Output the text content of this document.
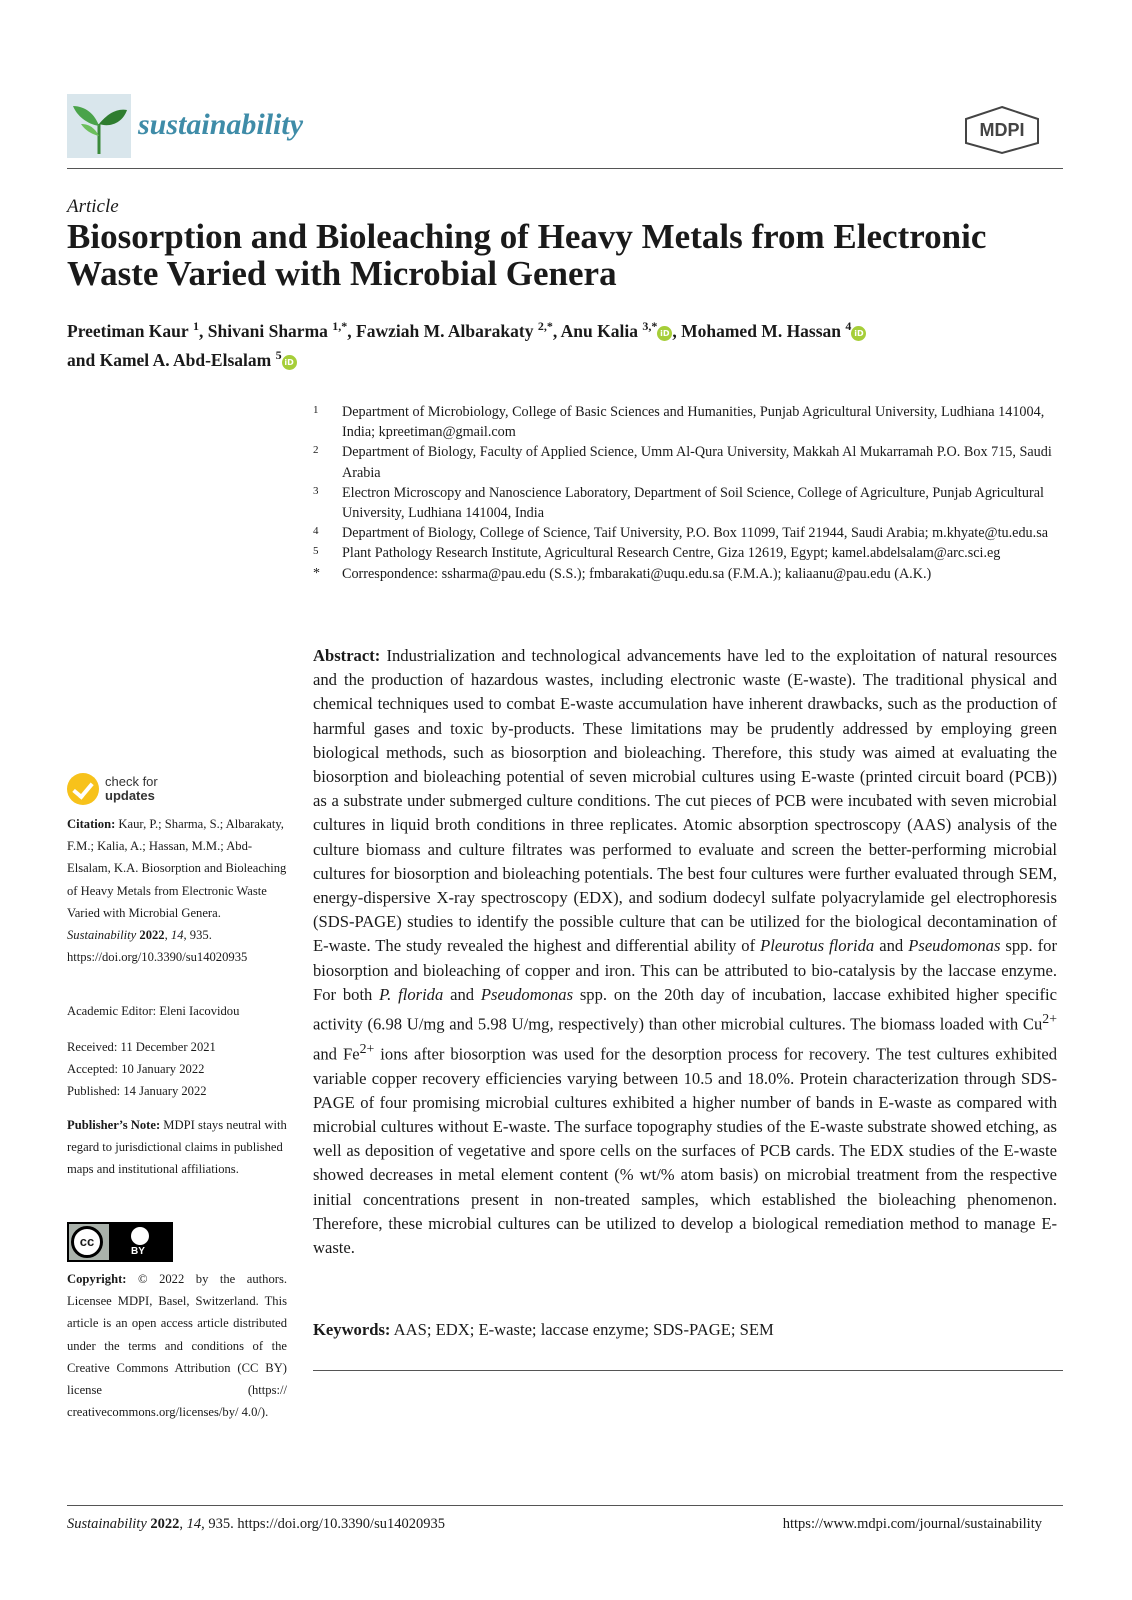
sustainability	MDPI
Article
Biosorption and Bioleaching of Heavy Metals from Electronic Waste Varied with Microbial Genera
Preetiman Kaur $^1$, Shivani Sharma $^{1,*}$, Fawziah M. Albarakaty $^{2,*}$, Anu Kalia $^{3,*}$iD , Mohamed M. Hassan $^4$iD
and Kamel A. Abd-Elsalam $^5$iD
1 Department of Microbiology, College of Basic Sciences and Humanities, Punjab Agricultural University, Ludhiana 141004, India; kpreetiman@gmail.com
2 Department of Biology, Faculty of Applied Science, Umm Al-Qura University, Makkah Al Mukarramah P.O. Box 715, Saudi Arabia
3 Electron Microscopy and Nanoscience Laboratory, Department of Soil Science, College of Agriculture, Punjab Agricultural University, Ludhiana 141004, India
4 Department of Biology, College of Science, Taif University, P.O. Box 11099, Taif 21944, Saudi Arabia; m.khyate@tu.edu.sa
5 Plant Pathology Research Institute, Agricultural Research Centre, Giza 12619, Egypt; kamel.abdelsalam@arc.sci.eg
* Correspondence: ssharma@pau.edu (S.S.); fmbarakati@uqu.edu.sa (F.M.A.); kaliaanu@pau.edu (A.K.)
Abstract: Industrialization and technological advancements have led to the exploitation of natural resources and the production of hazardous wastes, including electronic waste (E-waste). The traditional physical and chemical techniques used to combat E-waste accumulation have inherent drawbacks, such as the production of harmful gases and toxic by-products. These limitations may be prudently addressed by employing green biological methods, such as biosorption and bioleaching. Therefore, this study was aimed at evaluating the biosorption and bioleaching potential of seven microbial cultures using E-waste (printed circuit board (PCB)) as a substrate under submerged culture conditions. The cut pieces of PCB were incubated with seven microbial cultures in liquid broth conditions in three replicates. Atomic absorption spectroscopy (AAS) analysis of the culture biomass and culture filtrates was performed to evaluate and screen the better-performing microbial cultures for biosorption and bioleaching potentials. The best four cultures were further evaluated through SEM, energy-dispersive X-ray spectroscopy (EDX), and sodium dodecyl sulfate polyacrylamide gel electrophoresis (SDS-PAGE) studies to identify the possible culture that can be utilized for the biological decontamination of E-waste. The study revealed the highest and differential ability of Pleurotus florida and Pseudomonas spp. for biosorption and bioleaching of copper and iron. This can be attributed to bio-catalysis by the laccase enzyme. For both P. florida and Pseudomonas spp. on the 20th day of incubation, laccase exhibited higher specific activity (6.98 U/mg and 5.98 U/mg, respectively) than other microbial cultures. The biomass loaded with $Cu^{2+}$ and $Fe^{2+}$ ions after biosorption was used for the desorption process for recovery. The test cultures exhibited variable copper recovery efficiencies varying between 10.5 and 18.0%. Protein characterization through SDS-PAGE of four promising microbial cultures exhibited a higher number of bands in E-waste as compared with microbial cultures without E-waste. The surface topography studies of the E-waste substrate showed etching, as well as deposition of vegetative and spore cells on the surfaces of PCB cards. The EDX studies of the E-waste showed decreases in metal element content (% wt/% atom basis) on microbial treatment from the respective initial concentrations present in non-treated samples, which established the bioleaching phenomenon. Therefore, these microbial cultures can be utilized to develop a biological remediation method to manage E-waste.
Keywords: AAS; EDX; E-waste; laccase enzyme; SDS-PAGE; SEM
check for
updates
Citation: Kaur, P.; Sharma, S.; Albarakaty, F.M.; Kalia, A.; Hassan, M.M.; Abd-Elsalam, K.A. Biosorption and Bioleaching of Heavy Metals from Electronic Waste Varied with Microbial Genera. Sustainability 2022, 14, 935. https://doi.org/10.3390/su14020935
Academic Editor: Eleni Iacovidou
Received: 11 December 2021
Accepted: 10 January 2022
Published: 14 January 2022
Publisher’s Note: MDPI stays neutral with regard to jurisdictional claims in published maps and institutional affiliations.
cc
BY
Copyright: © 2022 by the authors. Licensee MDPI, Basel, Switzerland. This article is an open access article distributed under the terms and conditions of the Creative Commons Attribution (CC BY) license (https:// creativecommons.org/licenses/by/ 4.0/).
Sustainability 2022, 14, 935. https://doi.org/10.3390/su14020935	https://www.mdpi.com/journal/sustainability
